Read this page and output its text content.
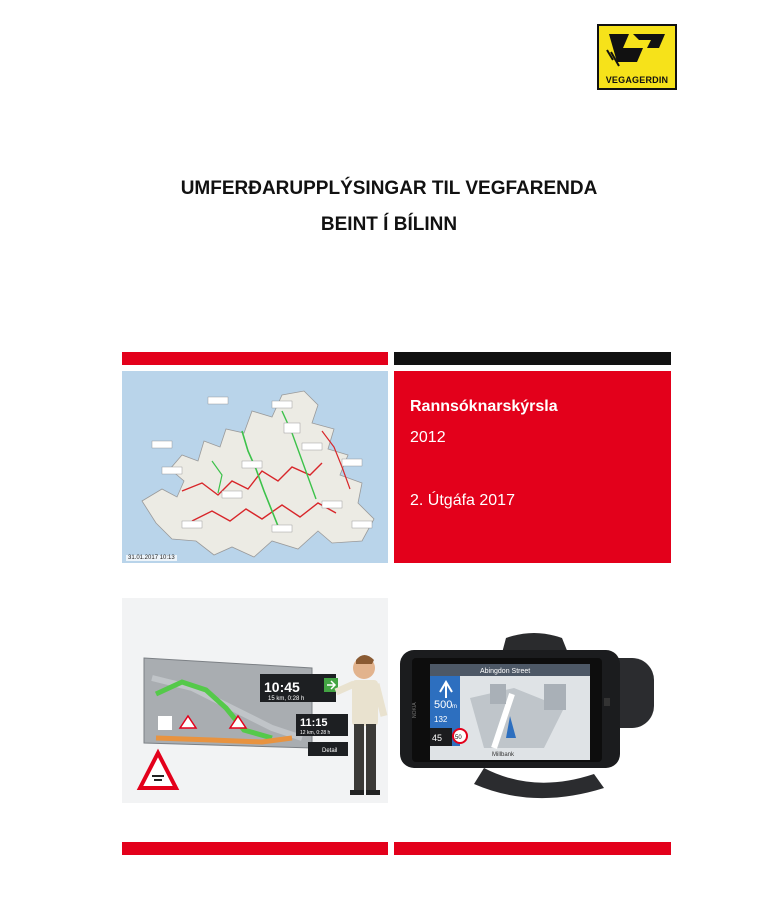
VEGAGERDIN
UMFERÐARUPPLÝSINGAR TIL VEGFARENDA
BEINT Í BÍLINN
31.01.2017 10:13
Rannsóknarskýrsla
2012
2. Útgáfa 2017
10:45
15 km, 0:28 h
11:15
12 km, 0:28 h
Detail
Abingdon Street
500 m
132
45 50
Millbank
NOKIA
